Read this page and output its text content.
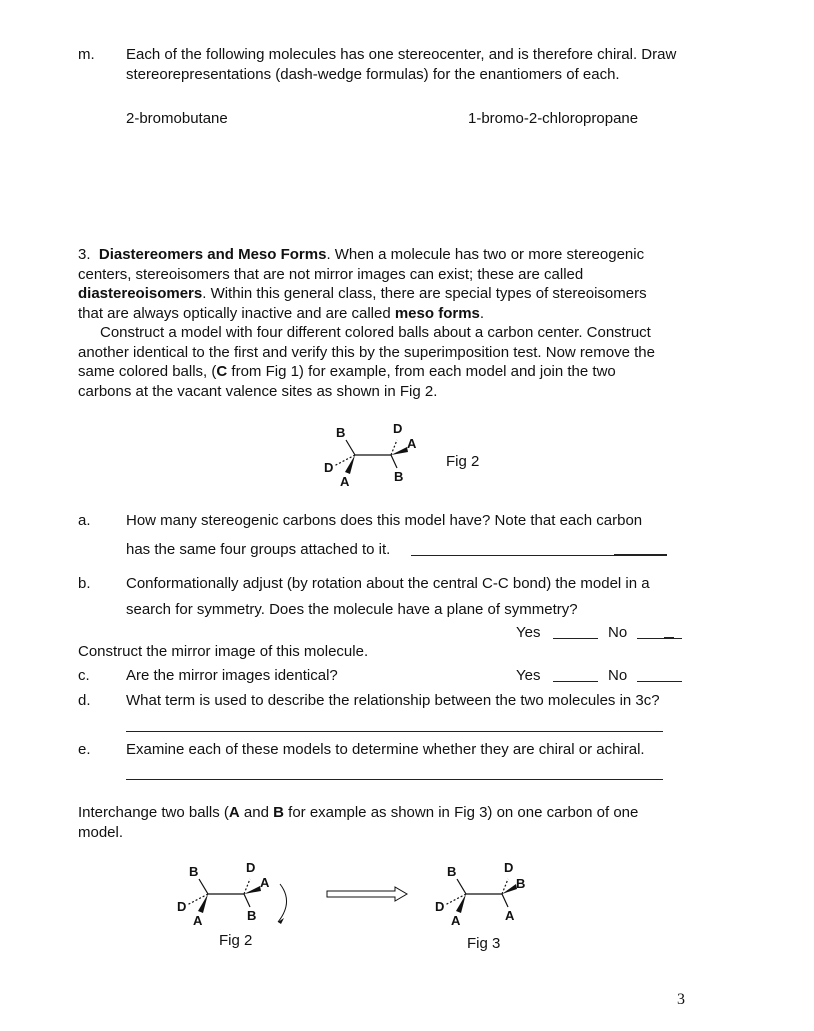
m. Each of the following molecules has one stereocenter, and is therefore chiral. Draw
stereorepresentations (dash-wedge formulas) for the enantiomers of each.
2-bromobutane	1-bromo-2-chloropropane
3. Diastereomers and Meso Forms. When a molecule has two or more stereogenic
centers, stereoisomers that are not mirror images can exist; these are called
diastereoisomers. Within this general class, there are special types of stereoisomers
that are always optically inactive and are called meso forms.
Construct a model with four different colored balls about a carbon center. Construct
another identical to the first and verify this by the superimposition test. Now remove the
same colored balls, (C from Fig 1) for example, from each model and join the two
carbons at the vacant valence sites as shown in Fig 2.
B
D
A
D
A
B
Fig 2
a. How many stereogenic carbons does this model have? Note that each carbon
has the same four groups attached to it.
b. Conformationally adjust (by rotation about the central C-C bond) the model in a
search for symmetry. Does the molecule have a plane of symmetry?
Yes	No
Construct the mirror image of this molecule.
c. Are the mirror images identical?	Yes	No
d. What term is used to describe the relationship between the two molecules in 3c?
e. Examine each of these models to determine whether they are chiral or achiral.
Interchange two balls (A and B for example as shown in Fig 3) on one carbon of one
model.
B
D
A
D
A
B
Fig 2
B
D
A
D
B
A
Fig 3
3
